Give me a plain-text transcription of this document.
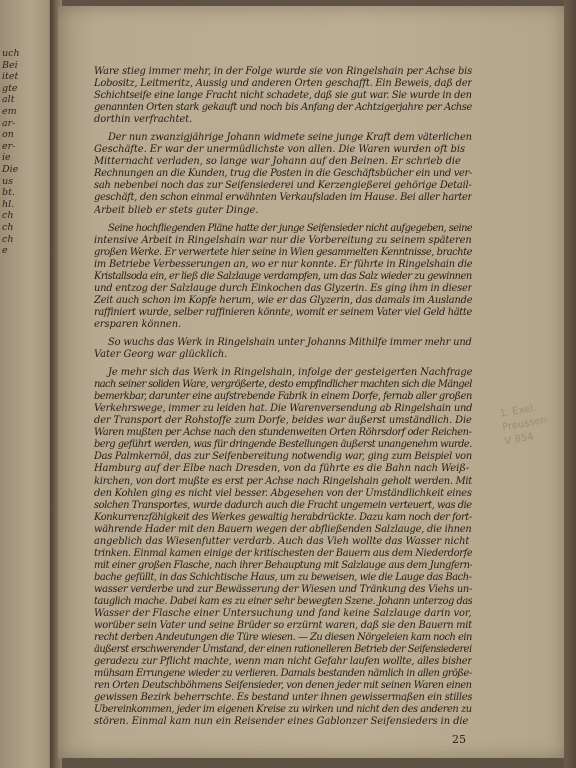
uch
Bei
itet
gte
alt
em
ar-
on
er-
ie
Die
us
bt.
hl.
ch
ch
ch
e
Ware stieg immer mehr, in der Folge wurde sie von Ringelshain per Achse bis
Lobositz, Leitmeritz, Aussig und anderen Orten geschafft. Ein Beweis, daß der
Schichtseife eine lange Fracht nicht schadete, daß sie gut war. Sie wurde in den
genannten Orten stark gekauft und noch bis Anfang der Achtzigerjahre per Achse
dorthin verfrachtet.
Der nun zwanzigjährige Johann widmete seine junge Kraft dem väterlichen
Geschäfte. Er war der unermüdlichste von allen. Die Waren wurden oft bis
Mitternacht verladen, so lange war Johann auf den Beinen. Er schrieb die
Rechnungen an die Kunden, trug die Posten in die Geschäftsbücher ein und ver-
sah nebenbei noch das zur Seifensiederei und Kerzengießerei gehörige Detail-
geschäft, den schon einmal erwähnten Verkaufsladen im Hause. Bei aller harter
Arbeit blieb er stets guter Dinge.
Seine hochfliegenden Pläne hatte der junge Seifensieder nicht aufgegeben, seine
intensive Arbeit in Ringelshain war nur die Vorbereitung zu seinem späteren
großen Werke. Er verwertete hier seine in Wien gesammelten Kenntnisse, brachte
im Betriebe Verbesserungen an, wo er nur konnte. Er führte in Ringelshain die
Kristallsoda ein, er ließ die Salzlauge verdampfen, um das Salz wieder zu gewinnen
und entzog der Salzlauge durch Einkochen das Glyzerin. Es ging ihm in dieser
Zeit auch schon im Kopfe herum, wie er das Glyzerin, das damals im Auslande
raffiniert wurde, selber raffinieren könnte, womit er seinem Vater viel Geld hätte
ersparen können.
So wuchs das Werk in Ringelshain unter Johanns Mithilfe immer mehr und
Vater Georg war glücklich.
Je mehr sich das Werk in Ringelshain, infolge der gesteigerten Nachfrage
nach seiner soliden Ware, vergrößerte, desto empfindlicher machten sich die Mängel
bemerkbar, darunter eine aufstrebende Fabrik in einem Dorfe, fernab aller großen
Verkehrswege, immer zu leiden hat. Die Warenversendung ab Ringelshain und
der Transport der Rohstoffe zum Dorfe, beides war äußerst umständlich. Die
Waren mußten per Achse nach den stundenweiten Orten Röhrsdorf oder Reichen-
berg geführt werden, was für dringende Bestellungen äußerst unangenehm wurde.
Das Palmkernöl, das zur Seifenbereitung notwendig war, ging zum Beispiel von
Hamburg auf der Elbe nach Dresden, von da führte es die Bahn nach Weiß-
kirchen, von dort mußte es erst per Achse nach Ringelshain geholt werden. Mit
den Kohlen ging es nicht viel besser. Abgesehen von der Umständlichkeit eines
solchen Transportes, wurde dadurch auch die Fracht ungemein verteuert, was die
Konkurrenzfähigkeit des Werkes gewaltig herabdrückte. Dazu kam noch der fort-
währende Hader mit den Bauern wegen der abfließenden Salzlauge, die ihnen
angeblich das Wiesenfutter verdarb. Auch das Vieh wollte das Wasser nicht
trinken. Einmal kamen einige der kritischesten der Bauern aus dem Niederdorfe
mit einer großen Flasche, nach ihrer Behauptung mit Salzlauge aus dem Jungfern-
bache gefüllt, in das Schichtische Haus, um zu beweisen, wie die Lauge das Bach-
wasser verderbe und zur Bewässerung der Wiesen und Tränkung des Viehs un-
tauglich mache. Dabei kam es zu einer sehr bewegten Szene. Johann unterzog das
Wasser der Flasche einer Untersuchung und fand keine Salzlauge darin vor,
worüber sein Vater und seine Brüder so erzürnt waren, daß sie den Bauern mit
recht derben Andeutungen die Türe wiesen. — Zu diesen Nörgeleien kam noch ein
äußerst erschwerender Umstand, der einen rationelleren Betrieb der Seifensiederei
geradezu zur Pflicht machte, wenn man nicht Gefahr laufen wollte, alles bisher
mühsam Errungene wieder zu verlieren. Damals bestanden nämlich in allen größe-
ren Orten Deutschböhmens Seifensieder, von denen jeder mit seinen Waren einen
gewissen Bezirk beherrschte. Es bestand unter ihnen gewissermaßen ein stilles
Übereinkommen, jeder im eigenen Kreise zu wirken und nicht den des anderen zu
stören. Einmal kam nun ein Reisender eines Gablonzer Seifensieders in die
1. Exel.
Preussen
V 854
25
